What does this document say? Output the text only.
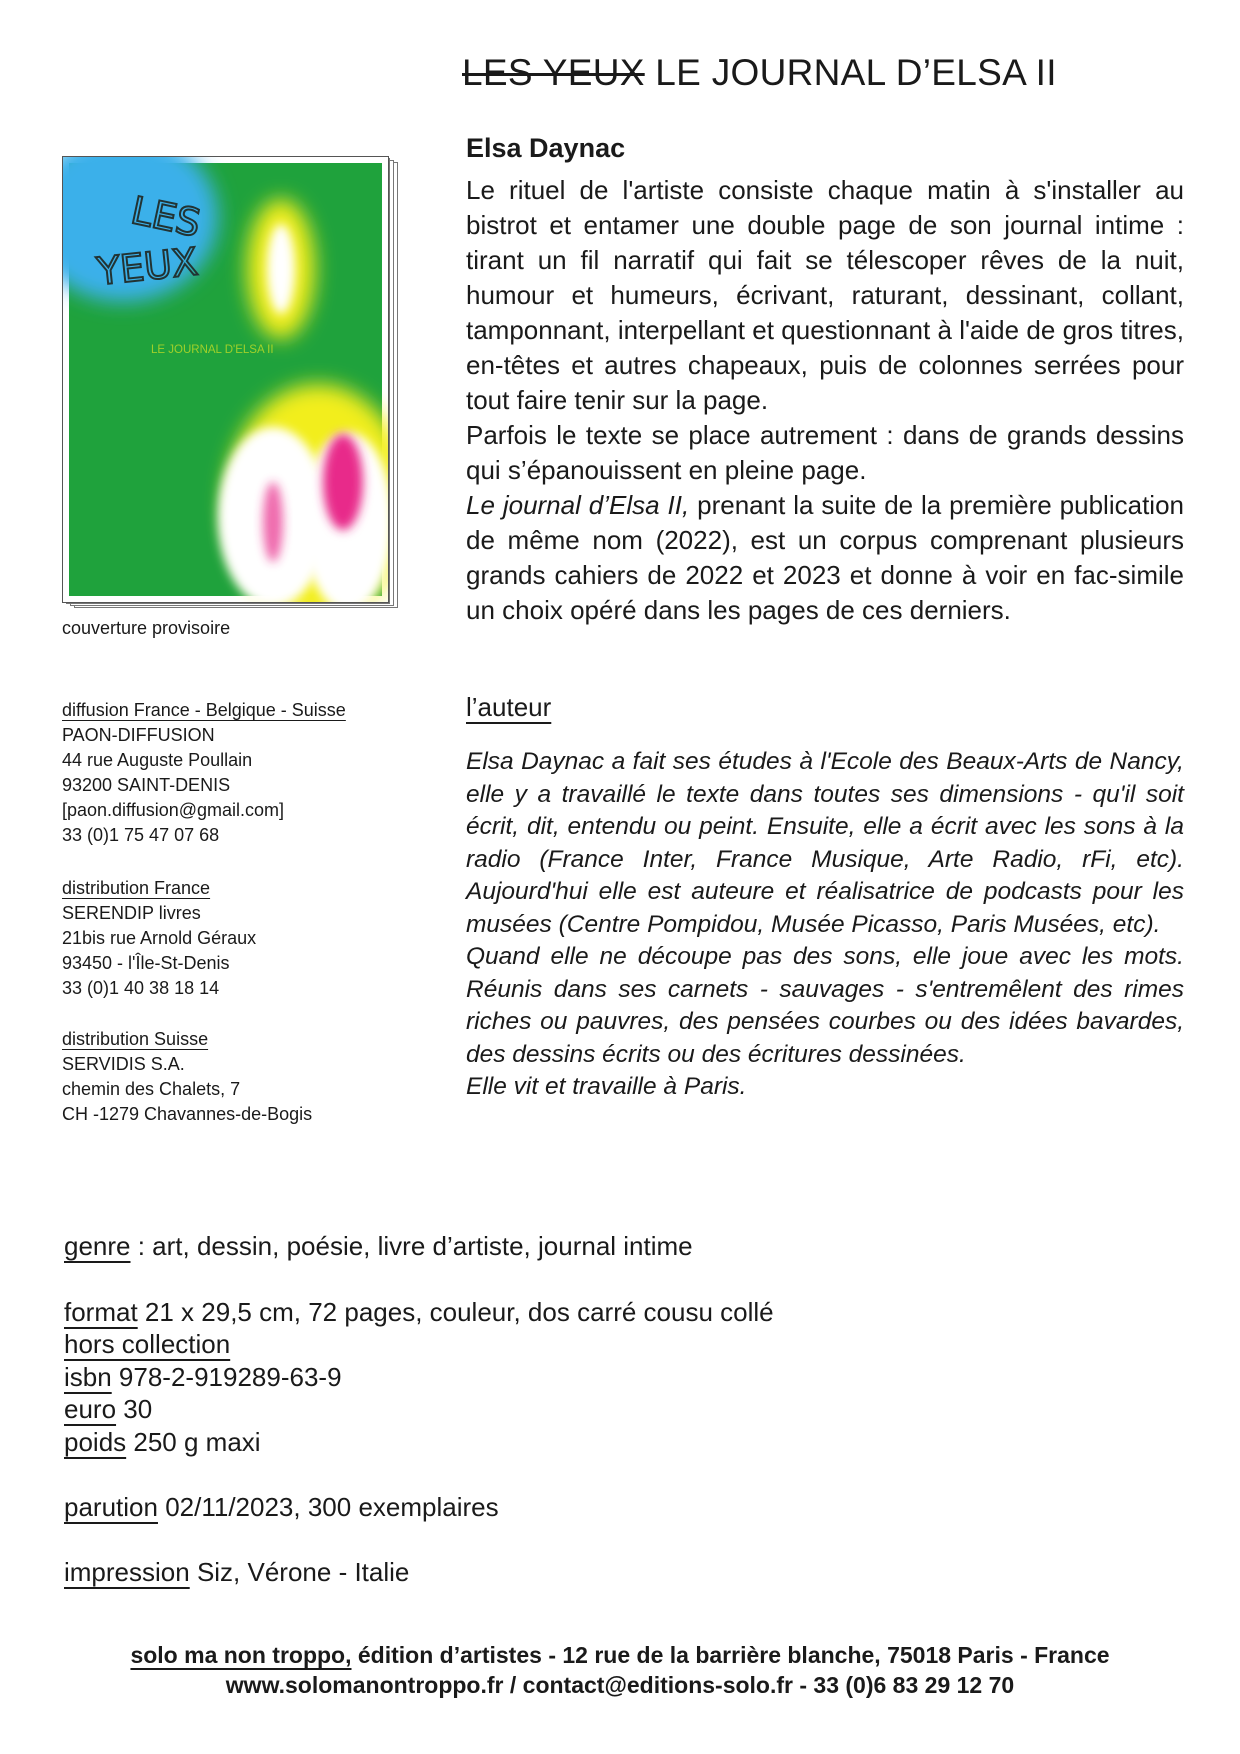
LES YEUX LE JOURNAL D’ELSA II
LES
YEUX
LE JOURNAL D'ELSA II
couverture provisoire
diffusion France - Belgique - Suisse
PAON-DIFFUSION
44 rue Auguste Poullain
93200 SAINT-DENIS
[paon.diffusion@gmail.com]
33 (0)1 75 47 07 68
distribution France
SERENDIP livres
21bis rue Arnold Géraux
93450 - l'Île-St-Denis
33 (0)1 40 38 18 14
distribution Suisse
SERVIDIS S.A.
chemin des Chalets, 7
CH -1279 Chavannes-de-Bogis
Elsa Daynac

Le rituel de l'artiste consiste chaque matin à s'installer au bistrot et entamer une double page de son journal intime : tirant un fil narratif qui fait se télescoper rêves de la nuit, humour et humeurs, écrivant, raturant, dessinant, collant, tamponnant, interpellant et questionnant à l'aide de gros titres, en-têtes et autres chapeaux, puis de colonnes serrées pour tout faire tenir sur la page.

Parfois le texte se place autrement : dans de grands dessins qui s’épanouissent en pleine page.

Le journal d’Elsa II, prenant la suite de la première publication de même nom (2022), est un corpus comprenant plusieurs grands cahiers de 2022 et 2023 et donne à voir en fac-simile un choix opéré dans les pages de ces derniers.

l’auteur

Elsa Daynac a fait ses études à l'Ecole des Beaux-Arts de Nancy, elle y a travaillé le texte dans toutes ses dimensions - qu'il soit écrit, dit, entendu ou peint. Ensuite, elle a écrit avec les sons à la radio (France Inter, France Musique, Arte Radio, rFi, etc). Aujourd'hui elle est auteure et réalisatrice de podcasts pour les musées (Centre Pompidou, Musée Picasso, Paris Musées, etc).

Quand elle ne découpe pas des sons, elle joue avec les mots. Réunis dans ses carnets - sauvages - s'entremêlent des rimes riches ou pauvres, des pensées courbes ou des idées bavardes, des dessins écrits ou des écritures dessinées.

Elle vit et travaille à Paris.

genre : art, dessin, poésie, livre d’artiste, journal intime
format 21 x 29,5 cm, 72 pages, couleur, dos carré cousu collé
hors collection
isbn 978-2-919289-63-9
euro 30
poids 250 g maxi
parution 02/11/2023, 300 exemplaires
impression Siz, Vérone - Italie
solo ma non troppo, édition d’artistes - 12 rue de la barrière blanche, 75018 Paris - France
www.solomanontroppo.fr / contact@editions-solo.fr - 33 (0)6 83 29 12 70
